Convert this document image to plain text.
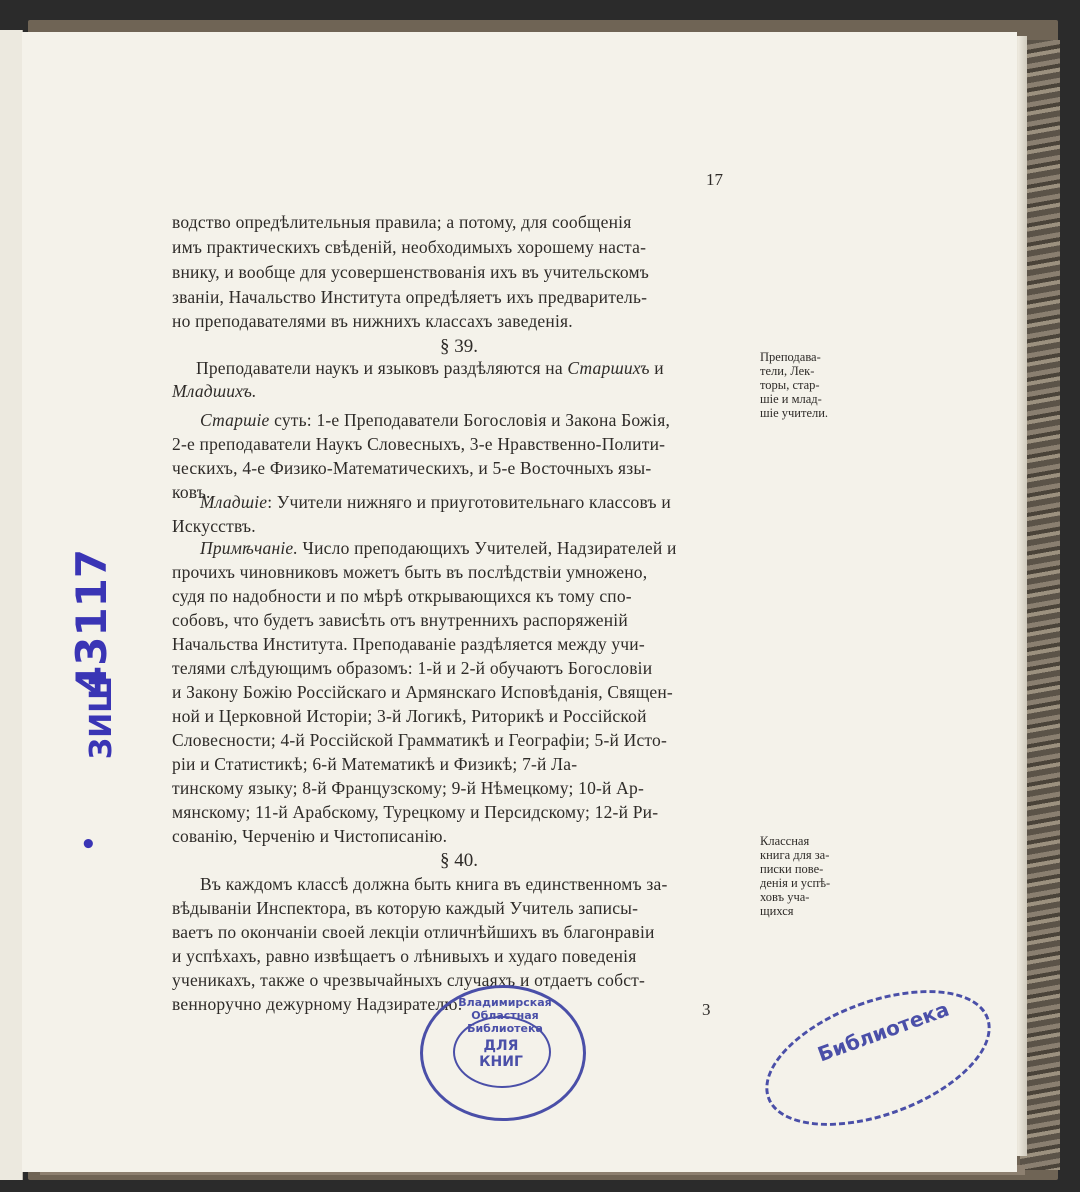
17
водство опредѣлительныя правила; а потому, для сообщенія
имъ практическихъ свѣденій, необходимыхъ хорошему наста-
внику, и вообще для усовершенствованія ихъ въ учительскомъ
званіи, Начальство Института опредѣляетъ ихъ предваритель-
но преподавателями въ нижнихъ классахъ заведенія.
§ 39.
Преподаватели наукъ и языковъ раздѣляются на Старшихъ и
Младшихъ.
Старшіе суть: 1-е Преподаватели Богословія и Закона Божія,
2-е преподаватели Наукъ Словесныхъ, 3-е Нравственно-Полити-
ческихъ, 4-е Физико-Математическихъ, и 5-е Восточныхъ язы-
ковъ.
Младшіе: Учители нижняго и приуготовительнаго классовъ и
Искусствъ.
Примѣчаніе. Число преподающихъ Учителей, Надзирателей и
прочихъ чиновниковъ можетъ быть въ послѣдствіи умножено,
судя по надобности и по мѣрѣ открывающихся къ тому спо-
собовъ, что будетъ зависѣть отъ внутреннихъ распоряженій
Начальства Института. Преподаваніе раздѣляется между учи-
телями слѣдующимъ образомъ: 1-й и 2-й обучаютъ Богословіи
и Закону Божію Россійскаго и Армянскаго Исповѣданія, Священ-
ной и Церковной Исторіи; 3-й Логикѣ, Риторикѣ и Россійской
Словесности; 4-й Россійской Грамматикѣ и Географіи; 5-й Исто-
ріи и Статистикѣ; 6-й Математикѣ и Физикѣ; 7-й Ла-
тинскому языку; 8-й Французскому; 9-й Нѣмецкому; 10-й Ар-
мянскому; 11-й Арабскому, Турецкому и Персидскому; 12-й Ри-
сованію, Черченію и Чистописанію.
§ 40.
Въ каждомъ классѣ должна быть книга въ единственномъ за-
вѣдываніи Инспектора, въ которую каждый Учитель записы-
ваетъ по окончаніи своей лекціи отличнѣйшихъ въ благонравіи
и успѣхахъ, равно извѣщаетъ о лѣнивыхъ и худаго поведенія
ученикахъ, также о чрезвычайныхъ случаяхъ и отдаетъ собст-
венноручно дежурному Надзирателю.	3
Преподава-
тели, Лек-
торы, стар-
шіе и млад-
шіе учители.
Классная
книга для за-
писки пове-
денія и успѣ-
ховъ уча-
щихся
43117
ЗИШ
•
Владимирская Областная Библиотека
ДЛЯ КНИГ	Библиотека
